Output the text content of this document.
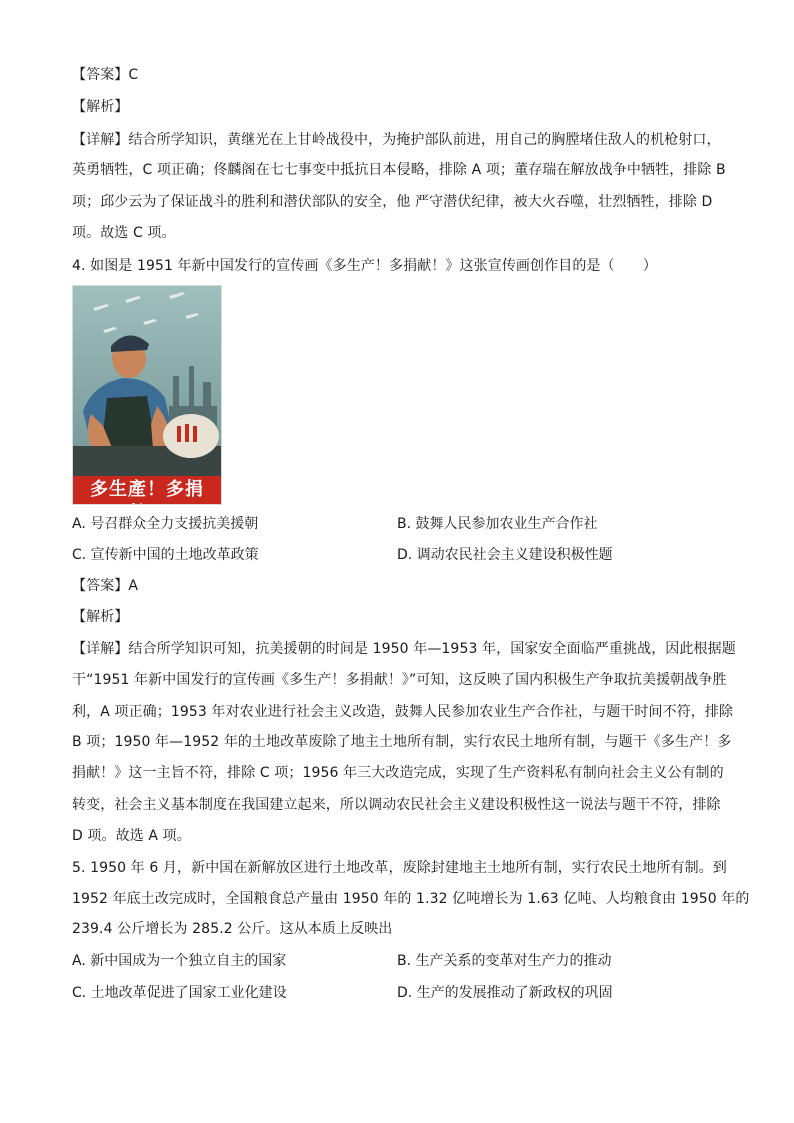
【答案】C
【解析】
【详解】结合所学知识，黄继光在上甘岭战役中，为掩护部队前进，用自己的胸膛堵住敌人的机枪射口，
英勇牺牲，C 项正确；佟麟阁在七七事变中抵抗日本侵略，排除 A 项；董存瑞在解放战争中牺牲，排除 B
项；邱少云为了保证战斗的胜利和潜伏部队的安全，他 严守潜伏纪律，被大火吞噬，壮烈牺牲，排除 D
项。故选 C 项。
4. 如图是 1951 年新中国发行的宣传画《多生产！多捐献！》这张宣传画创作目的是（　　）
多生產！多捐
A. 号召群众全力支援抗美援朝	B. 鼓舞人民参加农业生产合作社
C. 宣传新中国的土地改革政策	D. 调动农民社会主义建设积极性题
【答案】A
【解析】
【详解】结合所学知识可知，抗美援朝的时间是 1950 年—1953 年，国家安全面临严重挑战，因此根据题
干“1951 年新中国发行的宣传画《多生产！多捐献！》”可知，这反映了国内积极生产争取抗美援朝战争胜
利，A 项正确；1953 年对农业进行社会主义改造，鼓舞人民参加农业生产合作社，与题干时间不符，排除
B 项；1950 年—1952 年的土地改革废除了地主土地所有制，实行农民土地所有制，与题干《多生产！多
捐献！》这一主旨不符，排除 C 项；1956 年三大改造完成，实现了生产资料私有制向社会主义公有制的
转变，社会主义基本制度在我国建立起来，所以调动农民社会主义建设积极性这一说法与题干不符，排除
D 项。故选 A 项。
5. 1950 年 6 月，新中国在新解放区进行土地改革，废除封建地主土地所有制，实行农民土地所有制。到
1952 年底土改完成时，全国粮食总产量由 1950 年的 1.32 亿吨增长为 1.63 亿吨、人均粮食由 1950 年的
239.4 公斤增长为 285.2 公斤。这从本质上反映出
A. 新中国成为一个独立自主的国家	B. 生产关系的变革对生产力的推动
C. 土地改革促进了国家工业化建设	D. 生产的发展推动了新政权的巩固
